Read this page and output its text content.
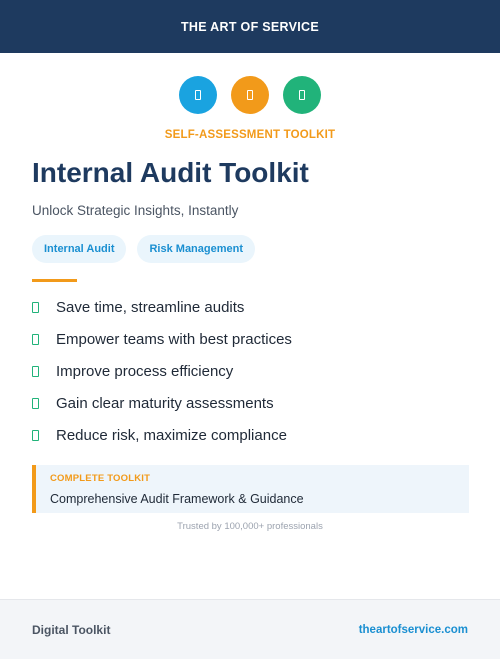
THE ART OF SERVICE
SELF-ASSESSMENT TOOLKIT
Internal Audit Toolkit
Unlock Strategic Insights, Instantly
Internal Audit	Risk Management
Save time, streamline audits
Empower teams with best practices
Improve process efficiency
Gain clear maturity assessments
Reduce risk, maximize compliance
COMPLETE TOOLKIT
Comprehensive Audit Framework & Guidance
Trusted by 100,000+ professionals
Digital Toolkit	theartofservice.com
